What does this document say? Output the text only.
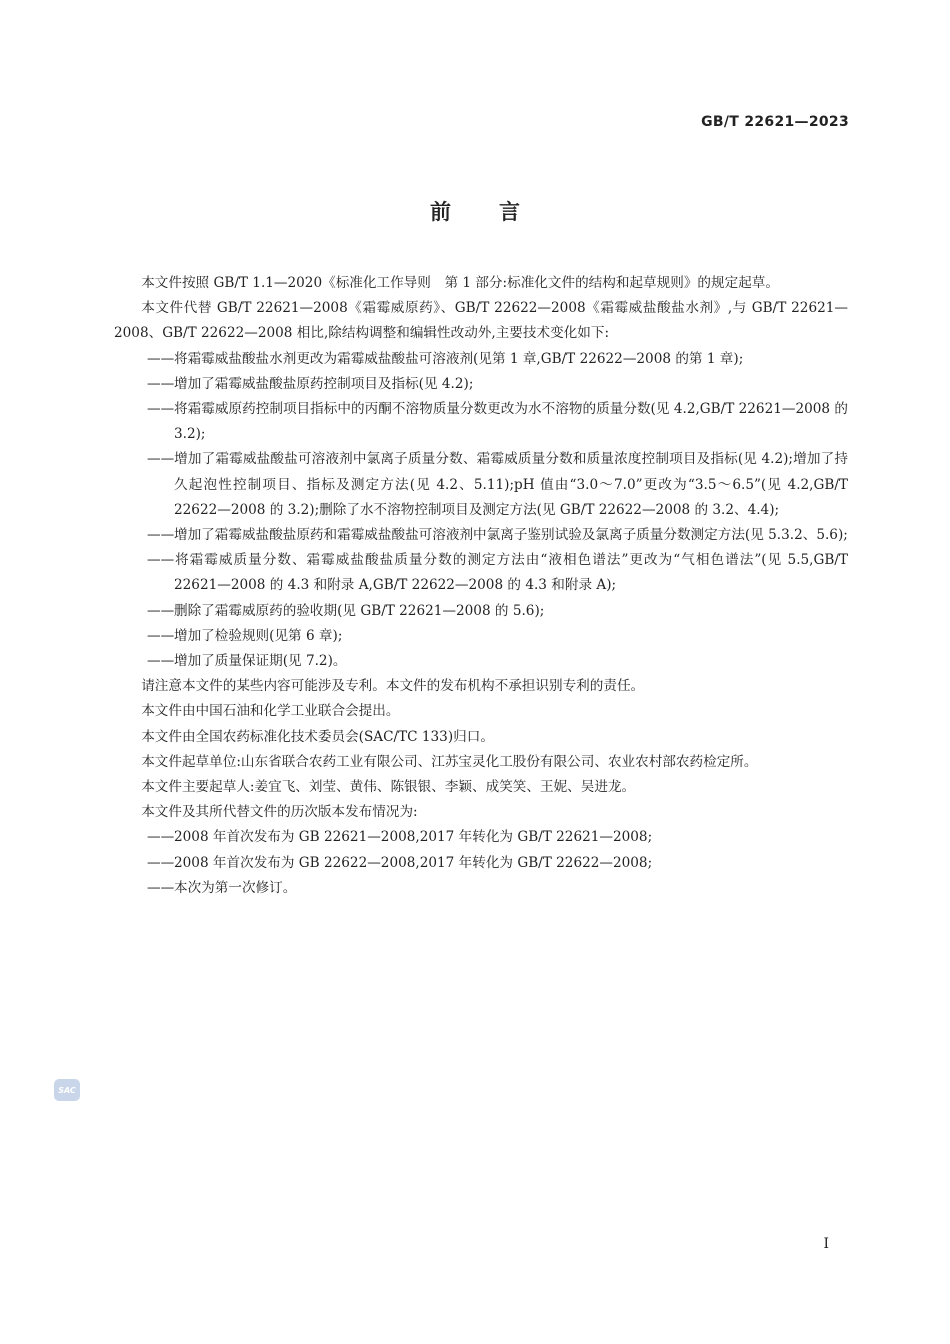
GB/T 22621—2023
前 言

本文件按照 GB/T 1.1—2020《标准化工作导则　第 1 部分:标准化文件的结构和起草规则》的规定起草。

本文件代替 GB/T 22621—2008《霜霉威原药》、GB/T 22622—2008《霜霉威盐酸盐水剂》,与 GB/T 22621—2008、GB/T 22622—2008 相比,除结构调整和编辑性改动外,主要技术变化如下:

——将霜霉威盐酸盐水剂更改为霜霉威盐酸盐可溶液剂(见第 1 章,GB/T 22622—2008 的第 1 章);

——增加了霜霉威盐酸盐原药控制项目及指标(见 4.2);

——将霜霉威原药控制项目指标中的丙酮不溶物质量分数更改为水不溶物的质量分数(见 4.2,GB/T 22621—2008 的 3.2);

——增加了霜霉威盐酸盐可溶液剂中氯离子质量分数、霜霉威质量分数和质量浓度控制项目及指标(见 4.2);增加了持久起泡性控制项目、指标及测定方法(见 4.2、5.11);pH 值由“3.0～7.0”更改为“3.5～6.5”(见 4.2,GB/T 22622—2008 的 3.2);删除了水不溶物控制项目及测定方法(见 GB/T 22622—2008 的 3.2、4.4);

——增加了霜霉威盐酸盐原药和霜霉威盐酸盐可溶液剂中氯离子鉴别试验及氯离子质量分数测定方法(见 5.3.2、5.6);

——将霜霉威质量分数、霜霉威盐酸盐质量分数的测定方法由“液相色谱法”更改为“气相色谱法”(见 5.5,GB/T 22621—2008 的 4.3 和附录 A,GB/T 22622—2008 的 4.3 和附录 A);

——删除了霜霉威原药的验收期(见 GB/T 22621—2008 的 5.6);

——增加了检验规则(见第 6 章);

——增加了质量保证期(见 7.2)。

请注意本文件的某些内容可能涉及专利。本文件的发布机构不承担识别专利的责任。

本文件由中国石油和化学工业联合会提出。

本文件由全国农药标准化技术委员会(SAC/TC 133)归口。

本文件起草单位:山东省联合农药工业有限公司、江苏宝灵化工股份有限公司、农业农村部农药检定所。

本文件主要起草人:姜宜飞、刘莹、黄伟、陈银银、李颖、成笑笑、王妮、吴进龙。

本文件及其所代替文件的历次版本发布情况为:

——2008 年首次发布为 GB 22621—2008,2017 年转化为 GB/T 22621—2008;

——2008 年首次发布为 GB 22622—2008,2017 年转化为 GB/T 22622—2008;

——本次为第一次修订。

SAC
I
